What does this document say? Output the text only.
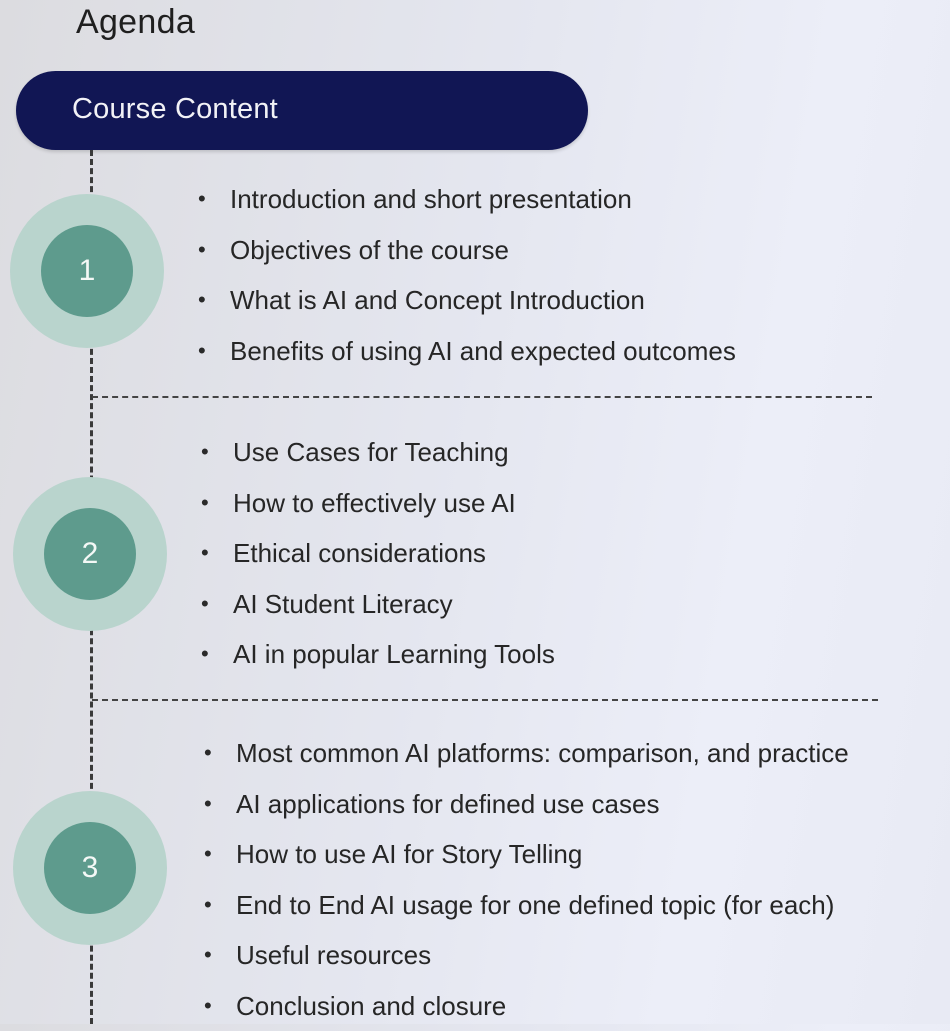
Agenda
Course Content
1
• Introduction and short presentation
• Objectives of the course
• What is AI and Concept Introduction
• Benefits of using AI and expected outcomes
2
• Use Cases for Teaching
• How to effectively use AI
• Ethical considerations
• AI Student Literacy
• AI in popular Learning Tools
3
• Most common AI platforms: comparison, and practice
• AI applications for defined use cases
• How to use AI for Story Telling
• End to End AI usage for one defined topic (for each)
• Useful resources
• Conclusion and closure
